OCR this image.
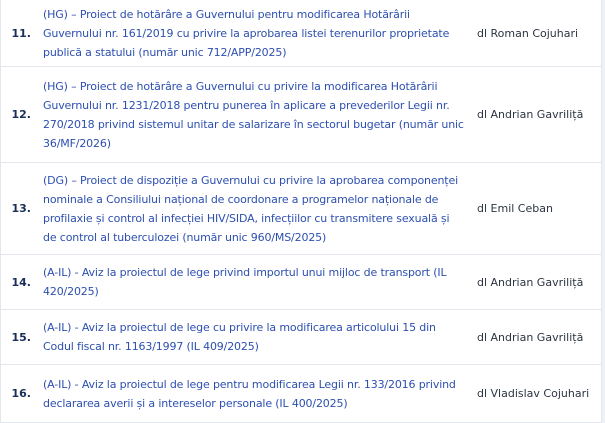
11.
(HG) – Proiect de hotărâre a Guvernului pentru modificarea Hotărârii Guvernului nr. 161/2019 cu privire la aprobarea listei terenurilor proprietate publică a statului (număr unic 712/APP/2025)
dl Roman Cojuhari
12.
(HG) – Proiect de hotărâre a Guvernului cu privire la modificarea Hotărârii Guvernului nr. 1231/2018 pentru punerea în aplicare a prevederilor Legii nr. 270/2018 privind sistemul unitar de salarizare în sectorul bugetar (număr unic 36/MF/2026)
dl Andrian Gavriliță
13.
(DG) – Proiect de dispoziție a Guvernului cu privire la aprobarea componenței nominale a Consiliului național de coordonare a programelor naționale de profilaxie și control al infecției HIV/SIDA, infecțiilor cu transmitere sexuală și de control al tuberculozei (număr unic 960/MS/2025)
dl Emil Ceban
14.
(A-IL) - Aviz la proiectul de lege privind importul unui mijloc de transport (IL 420/2025)
dl Andrian Gavriliță
15.
(A-IL) - Aviz la proiectul de lege cu privire la modificarea articolului 15 din Codul fiscal nr. 1163/1997 (IL 409/2025)
dl Andrian Gavriliță
16.
(A-IL) - Aviz la proiectul de lege pentru modificarea Legii nr. 133/2016 privind declararea averii și a intereselor personale (IL 400/2025)
dl Vladislav Cojuhari
